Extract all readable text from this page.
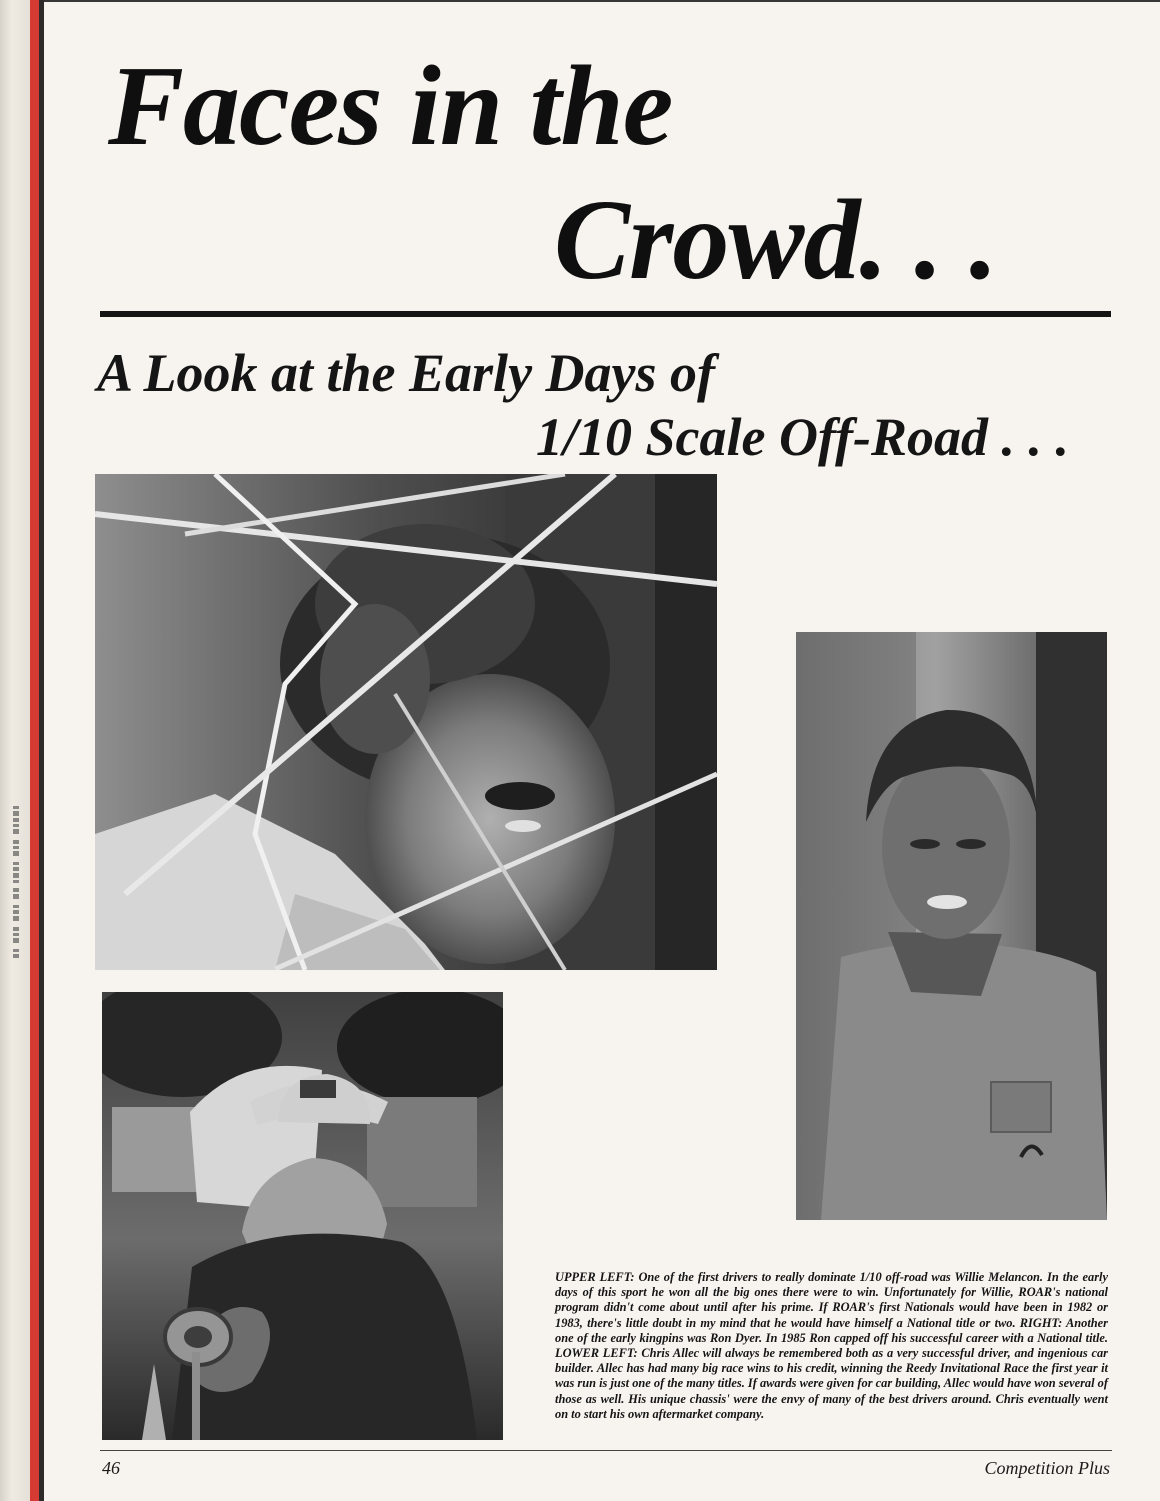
Faces in the
Crowd. . .
A Look at the Early Days of
1/10 Scale Off-Road . . .

UPPER LEFT: One of the first drivers to really dominate 1/10 off-road was Willie Melancon. In the early days of this sport he won all the big ones there were to win. Unfortunately for Willie, ROAR's national program didn't come about until after his prime. If ROAR's first Nationals would have been in 1982 or 1983, there's little doubt in my mind that he would have himself a National title or two. RIGHT: Another one of the early kingpins was Ron Dyer. In 1985 Ron capped off his successful career with a National title. LOWER LEFT: Chris Allec will always be remembered both as a very successful driver, and ingenious car builder. Allec has had many big race wins to his credit, winning the Reedy Invitational Race the first year it was run is just one of the many titles. If awards were given for car building, Allec would have won several of those as well. His unique chassis' were the envy of many of the best drivers around. Chris eventually went on to start his own aftermarket company.

46	Competition Plus
